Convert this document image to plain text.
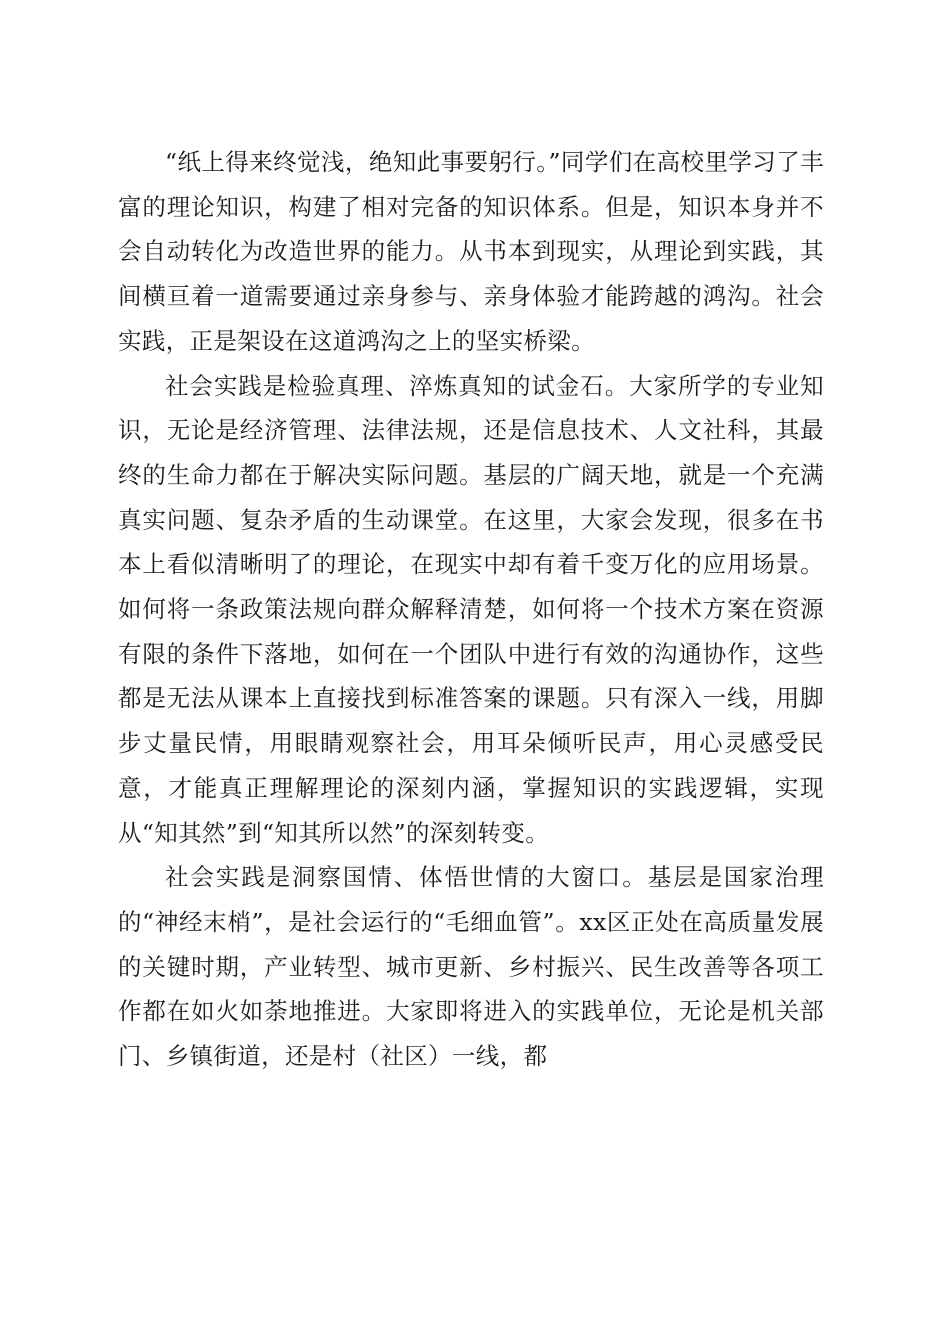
“纸上得来终觉浅，绝知此事要躬行。”同学们在高校里学习了丰富的理论知识，构建了相对完备的知识体系。但是，知识本身并不会自动转化为改造世界的能力。从书本到现实，从理论到实践，其间横亘着一道需要通过亲身参与、亲身体验才能跨越的鸿沟。社会实践，正是架设在这道鸿沟之上的坚实桥梁。

社会实践是检验真理、淬炼真知的试金石。大家所学的专业知识，无论是经济管理、法律法规，还是信息技术、人文社科，其最终的生命力都在于解决实际问题。基层的广阔天地，就是一个充满真实问题、复杂矛盾的生动课堂。在这里，大家会发现，很多在书本上看似清晰明了的理论，在现实中却有着千变万化的应用场景。如何将一条政策法规向群众解释清楚，如何将一个技术方案在资源有限的条件下落地，如何在一个团队中进行有效的沟通协作，这些都是无法从课本上直接找到标准答案的课题。只有深入一线，用脚步丈量民情，用眼睛观察社会，用耳朵倾听民声，用心灵感受民意，才能真正理解理论的深刻内涵，掌握知识的实践逻辑，实现从“知其然”到“知其所以然”的深刻转变。

社会实践是洞察国情、体悟世情的大窗口。基层是国家治理的“神经末梢”，是社会运行的“毛细血管”。xx区正处在高质量发展的关键时期，产业转型、城市更新、乡村振兴、民生改善等各项工作都在如火如荼地推进。大家即将进入的实践单位，无论是机关部门、乡镇街道，还是村（社区）一线，都
